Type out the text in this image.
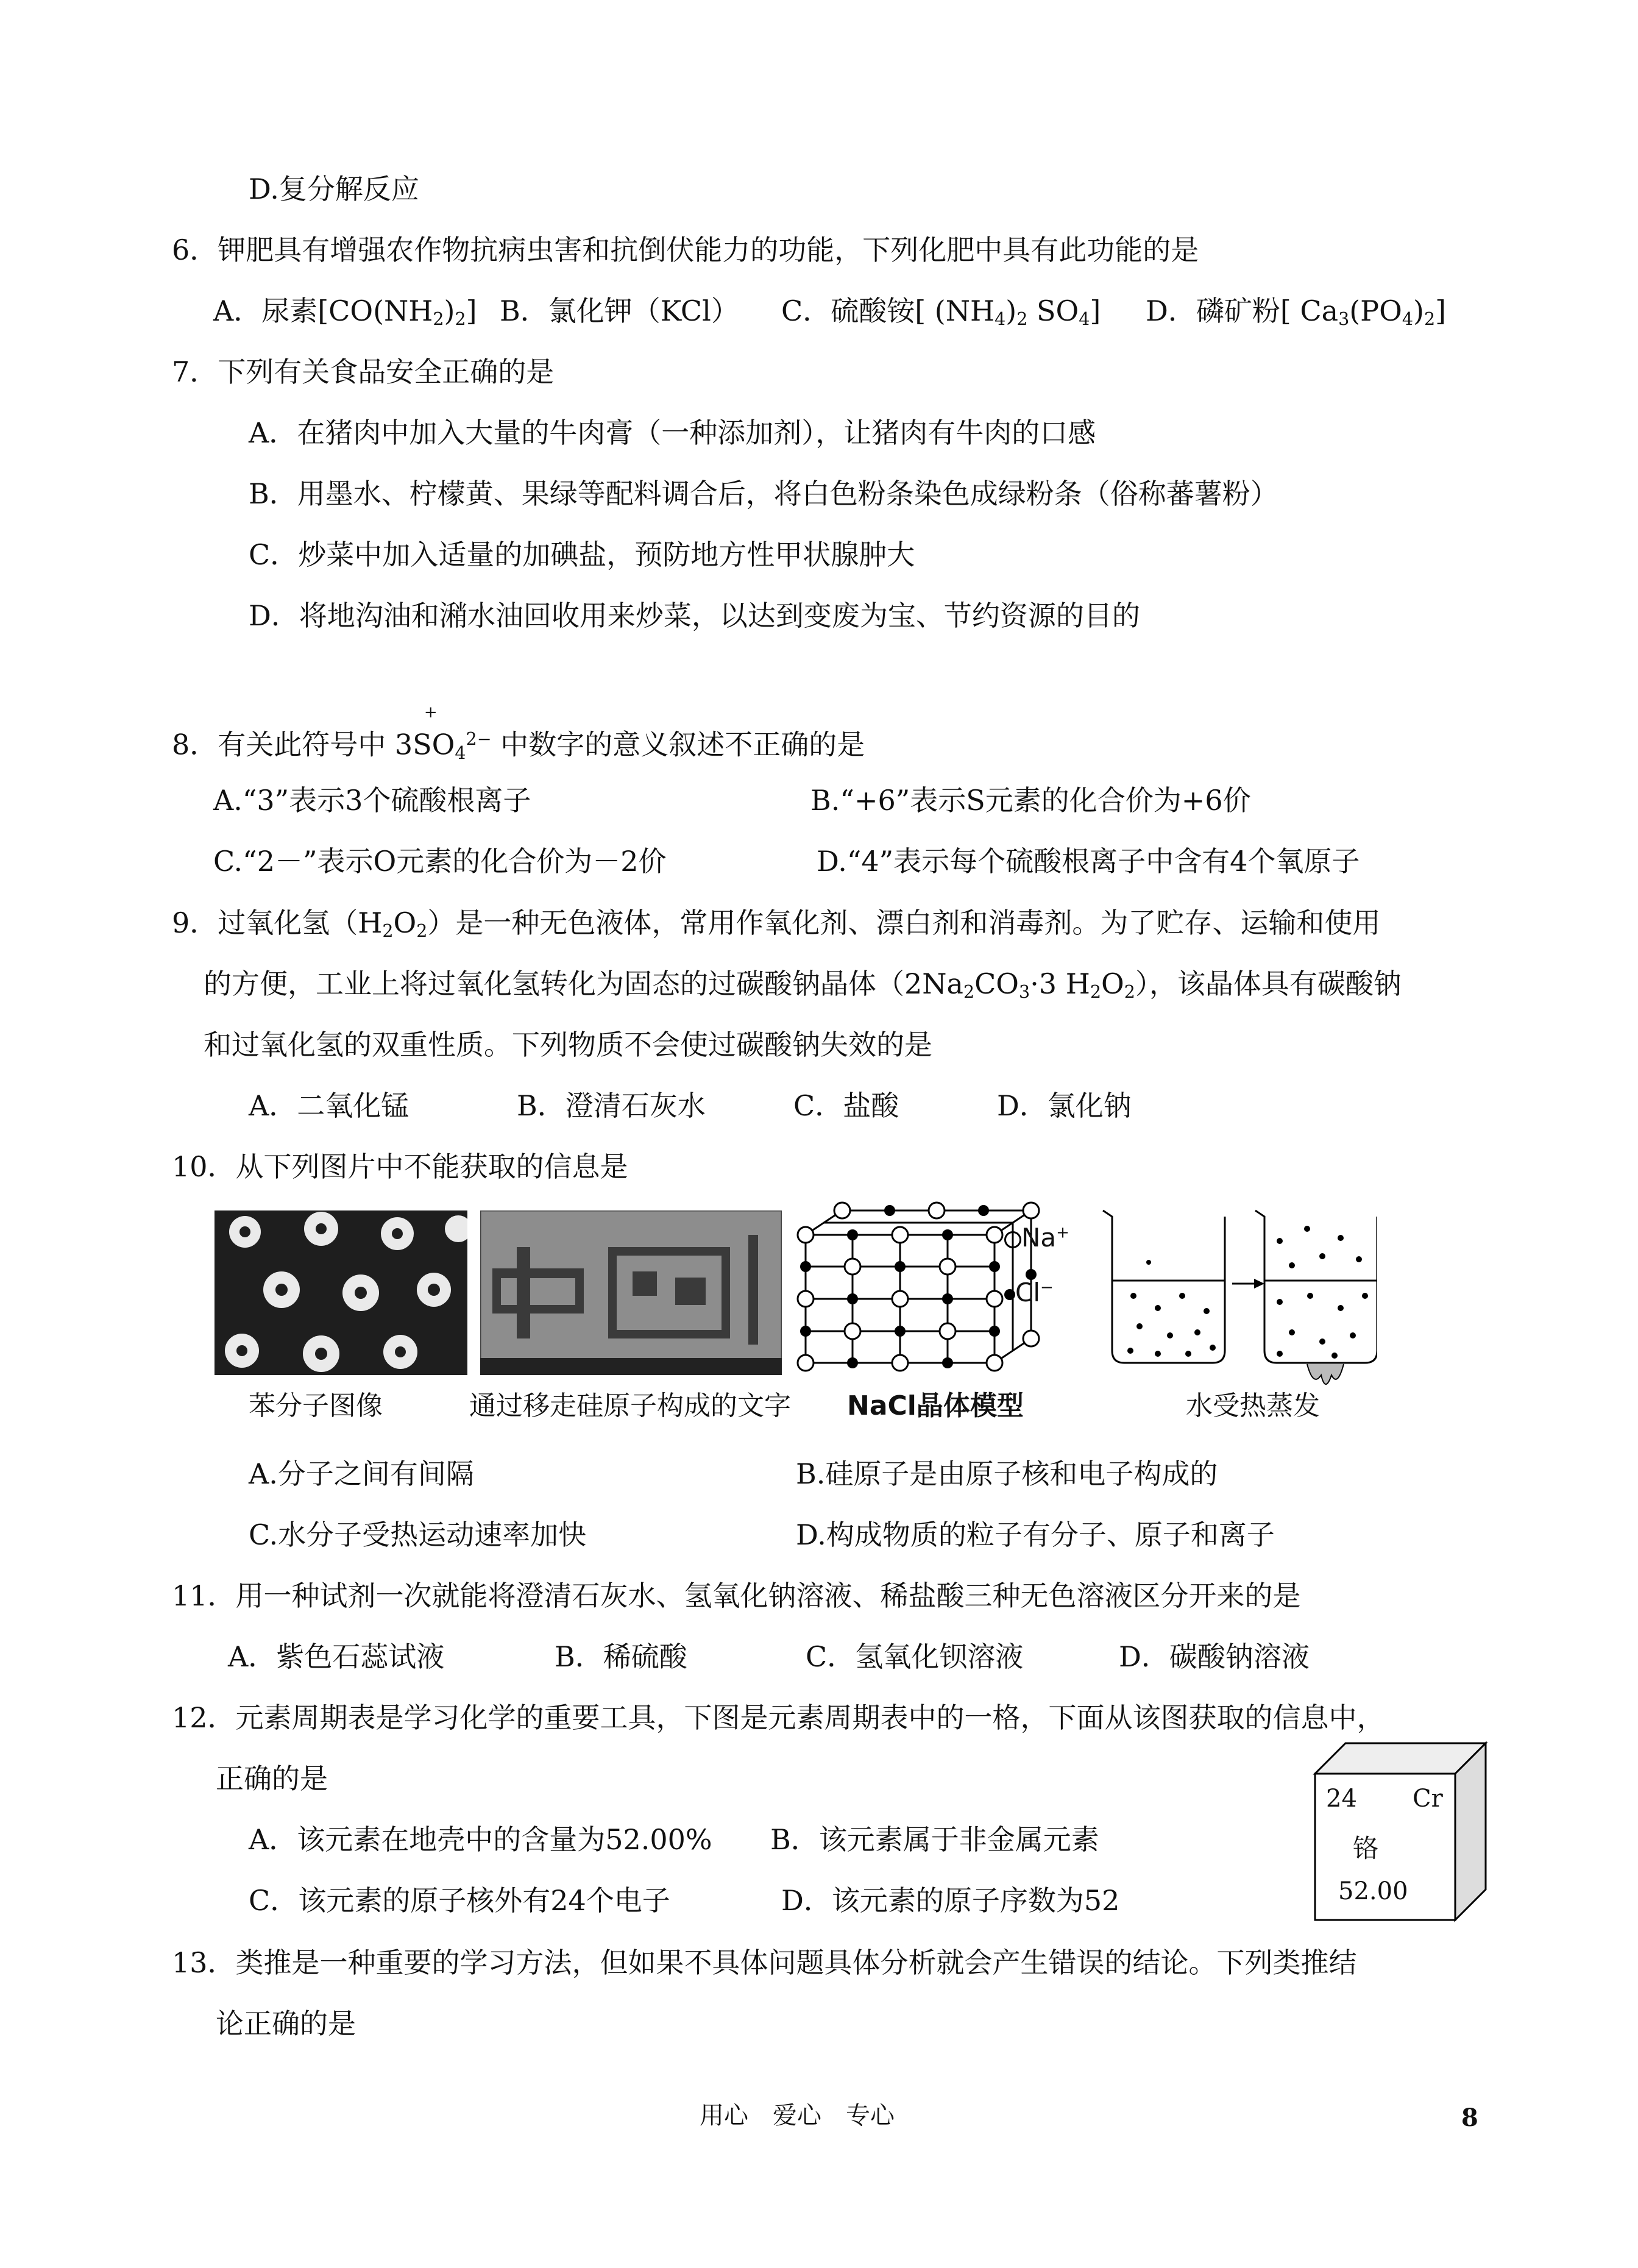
D.复分解反应
6．钾肥具有增强农作物抗病虫害和抗倒伏能力的功能，下列化肥中具有此功能的是
A．尿素$[CO(NH_2)_2]$ B．氯化钾（KCl） C．硫酸铵[ $(NH_4)_2$ $SO_4$] D．磷矿粉[ $Ca_3(PO_4)_2$]
7．下列有关食品安全正确的是
A．在猪肉中加入大量的牛肉膏（一种添加剂），让猪肉有牛肉的口感
B．用墨水、柠檬黄、果绿等配料调合后，将白色粉条染色成绿粉条（俗称蕃薯粉）
C．炒菜中加入适量的加碘盐，预防地方性甲状腺肿大
D．将地沟油和潲水油回收用来炒菜，以达到变废为宝、节约资源的目的
8．有关此符号中
+
$3SO_4^{2-}$ 中数字的意义叙述不正确的是
A.“3”表示3个硫酸根离子	B.“+6”表示S元素的化合价为+6价
C.“2－”表示O元素的化合价为－2价	D.“4”表示每个硫酸根离子中含有4个氧原子
9．过氧化氢$(H_2O_2)$是一种无色液体，常用作氧化剂、漂白剂和消毒剂。为了贮存、运输和使用
的方便，工业上将过氧化氢转化为固态的过碳酸钠晶体（$2Na_2CO_3\cdot 3$ $H_2O_2$），该晶体具有碳酸钠
和过氧化氢的双重性质。下列物质不会使过碳酸钠失效的是
A．二氧化锰	B．澄清石灰水	C．盐酸	D．氯化钠
10．从下列图片中不能获取的信息是
Na+
Cl−
苯分子图像	通过移走硅原子构成的文字 NaCl晶体模型	水受热蒸发
A.分子之间有间隔	B.硅原子是由原子核和电子构成的
C.水分子受热运动速率加快	D.构成物质的粒子有分子、原子和离子
11．用一种试剂一次就能将澄清石灰水、氢氧化钠溶液、稀盐酸三种无色溶液区分开来的是
A．紫色石蕊试液	B．稀硫酸	C．氢氧化钡溶液	D．碳酸钠溶液
12．元素周期表是学习化学的重要工具，下图是元素周期表中的一格，下面从该图获取的信息中，
正确的是
A．该元素在地壳中的含量为52.00% B．该元素属于非金属元素
C．该元素的原子核外有24个电子	D．该元素的原子序数为52
24 Cr
铬
52.00
13．类推是一种重要的学习方法，但如果不具体问题具体分析就会产生错误的结论。下列类推结
论正确的是
用心　爱心　专心	8
